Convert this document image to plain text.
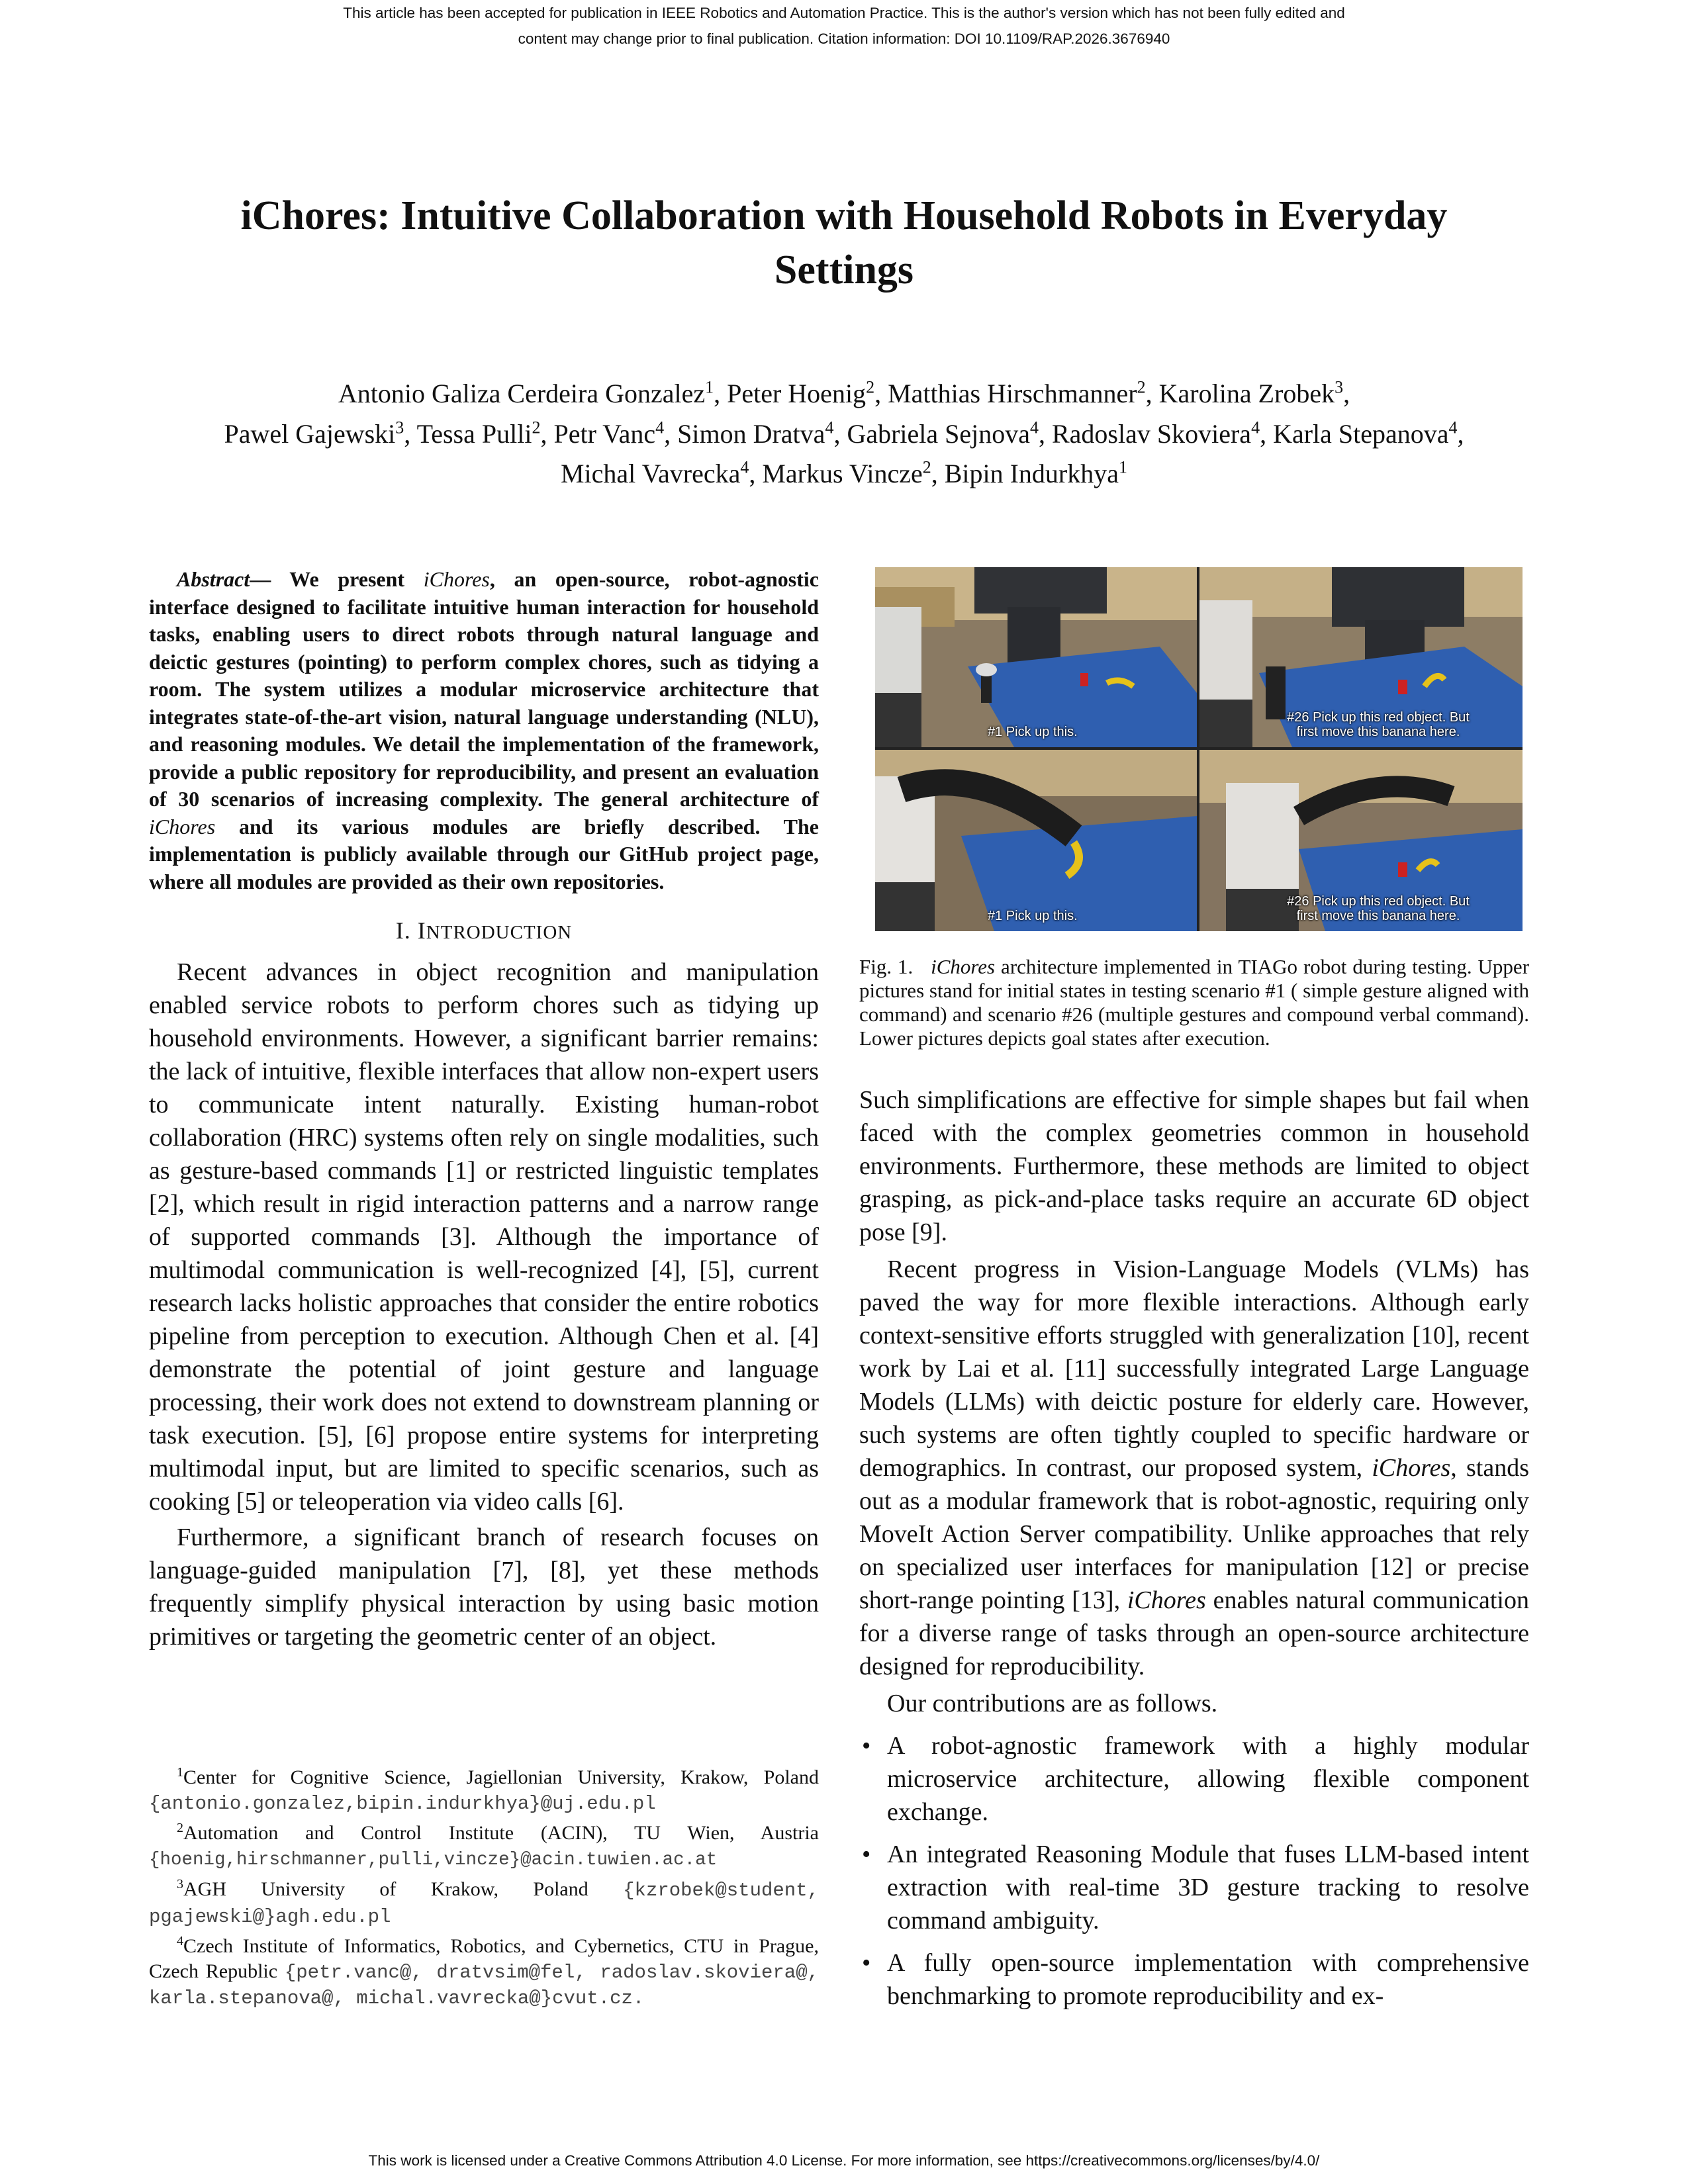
This article has been accepted for publication in IEEE Robotics and Automation Practice. This is the author's version which has not been fully edited and
content may change prior to final publication. Citation information: DOI 10.1109/RAP.2026.3676940
iChores: Intuitive Collaboration with Household Robots in Everyday
Settings
Antonio Galiza Cerdeira Gonzalez$^1$, Peter Hoenig$^2$, Matthias Hirschmanner$^2$, Karolina Zrobek$^3$,
Pawel Gajewski$^3$, Tessa Pulli$^2$, Petr Vanc$^4$, Simon Dratva$^4$, Gabriela Sejnova$^4$, Radoslav Skoviera$^4$, Karla Stepanova$^4$,
Michal Vavrecka$^4$, Markus Vincze$^2$, Bipin Indurkhya$^1$

Abstract— We present iChores, an open-source, robot-agnostic interface designed to facilitate intuitive human interaction for household tasks, enabling users to direct robots through natural language and deictic gestures (pointing) to perform complex chores, such as tidying a room. The system utilizes a modular microservice architecture that integrates state-of-the-art vision, natural language understanding (NLU), and reasoning modules. We detail the implementation of the framework, provide a public repository for reproducibility, and present an evaluation of 30 scenarios of increasing complexity. The general architecture of iChores and its various modules are briefly described. The implementation is publicly available through our GitHub project page, where all modules are provided as their own repositories.

I. INTRODUCTION

Recent advances in object recognition and manipulation enabled service robots to perform chores such as tidying up household environments. However, a significant barrier remains: the lack of intuitive, flexible interfaces that allow non-expert users to communicate intent naturally. Existing human-robot collaboration (HRC) systems often rely on single modalities, such as gesture-based commands [1] or restricted linguistic templates [2], which result in rigid interaction patterns and a narrow range of supported commands [3]. Although the importance of multimodal communication is well-recognized [4], [5], current research lacks holistic approaches that consider the entire robotics pipeline from perception to execution. Although Chen et al. [4] demonstrate the potential of joint gesture and language processing, their work does not extend to downstream planning or task execution. [5], [6] propose entire systems for interpreting multimodal input, but are limited to specific scenarios, such as cooking [5] or teleoperation via video calls [6].

Furthermore, a significant branch of research focuses on language-guided manipulation [7], [8], yet these methods frequently simplify physical interaction by using basic motion primitives or targeting the geometric center of an object.

$^1$Center for Cognitive Science, Jagiellonian University, Krakow, Poland {antonio.gonzalez,bipin.indurkhya}@uj.edu.pl

$^2$Automation and Control Institute (ACIN), TU Wien, Austria {hoenig,hirschmanner,pulli,vincze}@acin.tuwien.ac.at

$^3$AGH University of Krakow, Poland {kzrobek@student, pgajewski@}agh.edu.pl

$^4$Czech Institute of Informatics, Robotics, and Cybernetics, CTU in Prague, Czech Republic {petr.vanc@, dratvsim@fel, radoslav.skoviera@, karla.stepanova@, michal.vavrecka@}cvut.cz.

#1 Pick up this.
#26 Pick up this red object. But
first move this banana here.
#1 Pick up this.
#26 Pick up this red object. But
first move this banana here.
Fig. 1. iChores architecture implemented in TIAGo robot during testing. Upper pictures stand for initial states in testing scenario #1 ( simple gesture aligned with command) and scenario #26 (multiple gestures and compound verbal command). Lower pictures depicts goal states after execution.

Such simplifications are effective for simple shapes but fail when faced with the complex geometries common in household environments. Furthermore, these methods are limited to object grasping, as pick-and-place tasks require an accurate 6D object pose [9].

Recent progress in Vision-Language Models (VLMs) has paved the way for more flexible interactions. Although early context-sensitive efforts struggled with generalization [10], recent work by Lai et al. [11] successfully integrated Large Language Models (LLMs) with deictic posture for elderly care. However, such systems are often tightly coupled to specific hardware or demographics. In contrast, our proposed system, iChores, stands out as a modular framework that is robot-agnostic, requiring only MoveIt Action Server compatibility. Unlike approaches that rely on specialized user interfaces for manipulation [12] or precise short-range pointing [13], iChores enables natural communication for a diverse range of tasks through an open-source architecture designed for reproducibility.

Our contributions are as follows.

• A robot-agnostic framework with a highly modular microservice architecture, allowing flexible component exchange.
• An integrated Reasoning Module that fuses LLM-based intent extraction with real-time 3D gesture tracking to resolve command ambiguity.
• A fully open-source implementation with comprehensive benchmarking to promote reproducibility and ex-
This work is licensed under a Creative Commons Attribution 4.0 License. For more information, see https://creativecommons.org/licenses/by/4.0/
